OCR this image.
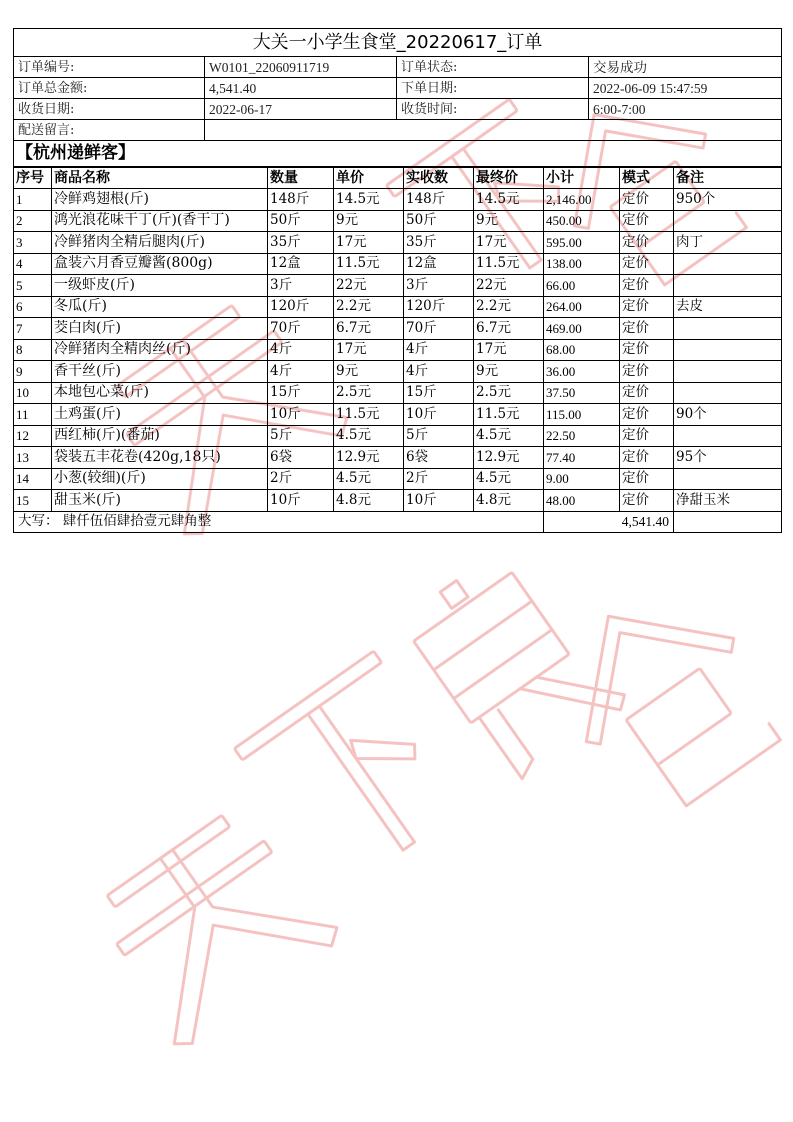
大关一小学生食堂_20220617_订单			
订单编号:	W0101_22060911719	订单状态:	交易成功
订单总金额:	4,541.40	下单日期:	2022-06-09 15:47:59
收货日期:	2022-06-17	收货时间:	6:00-7:00
配送留言:			
【杭州递鲜客】			
序号	商品名称	数量	单价	实收数	最终价	小计	模式	备注
1	冷鲜鸡翅根(斤)	148斤	14.5元	148斤	14.5元	2,146.00	定价	950个
2	鸿光浪花味干丁(斤)(香干丁)	50斤	9元	50斤	9元	450.00	定价	
3	冷鲜猪肉全精后腿肉(斤)	35斤	17元	35斤	17元	595.00	定价	肉丁
4	盒装六月香豆瓣酱(800g)	12盒	11.5元	12盒	11.5元	138.00	定价	
5	一级虾皮(斤)	3斤	22元	3斤	22元	66.00	定价	
6	冬瓜(斤)	120斤	2.2元	120斤	2.2元	264.00	定价	去皮
7	茭白肉(斤)	70斤	6.7元	70斤	6.7元	469.00	定价	
8	冷鲜猪肉全精肉丝(斤)	4斤	17元	4斤	17元	68.00	定价	
9	香干丝(斤)	4斤	9元	4斤	9元	36.00	定价	
10	本地包心菜(斤)	15斤	2.5元	15斤	2.5元	37.50	定价	
11	土鸡蛋(斤)	10斤	11.5元	10斤	11.5元	115.00	定价	90个
12	西红柿(斤)(番茄)	5斤	4.5元	5斤	4.5元	22.50	定价	
13	袋装五丰花卷(420g,18只)	6袋	12.9元	6袋	12.9元	77.40	定价	95个
14	小葱(较细)(斤)	2斤	4.5元	2斤	4.5元	9.00	定价	
15	甜玉米(斤)	10斤	4.8元	10斤	4.8元	48.00	定价	净甜玉米
大写： 肆仟伍佰肆拾壹元肆角整						4,541.40		
